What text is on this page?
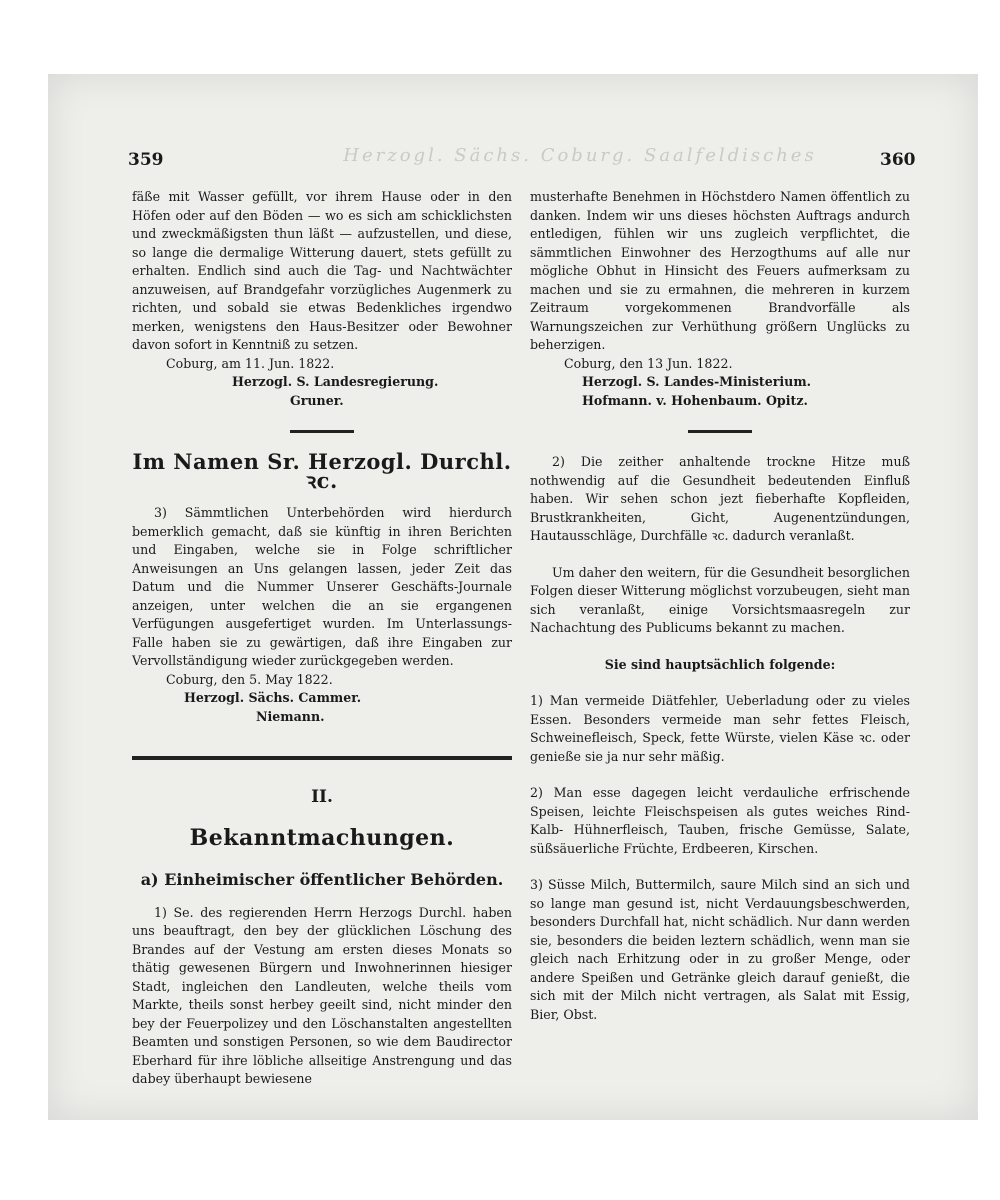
Herzogl. Sächs. Coburg. Saalfeldisches
359	360

fäße mit Wasser gefüllt, vor ihrem Hause oder in den Höfen oder auf den Böden — wo es sich am schicklichsten und zweckmäßigsten thun läßt — aufzustellen, und diese, so lange die dermalige Witterung dauert, stets gefüllt zu erhalten. Endlich sind auch die Tag- und Nachtwächter anzuweisen, auf Brandgefahr vorzügliches Augenmerk zu richten, und sobald sie etwas Bedenkliches irgendwo merken, wenigstens den Haus-Besitzer oder Bewohner davon sofort in Kenntniß zu setzen.

Coburg, am 11. Jun. 1822.

Herzogl. S. Landesregierung.

Gruner.

Im Namen Sr. Herzogl. Durchl. ꝛc.

3) Sämmtlichen Unterbehörden wird hierdurch bemerklich gemacht, daß sie künftig in ihren Berichten und Eingaben, welche sie in Folge schriftlicher Anweisungen an Uns gelangen lassen, jeder Zeit das Datum und die Nummer Unserer Geschäfts-Journale anzeigen, unter welchen die an sie ergangenen Verfügungen ausgefertiget wurden. Im Unterlassungs-Falle haben sie zu gewärtigen, daß ihre Eingaben zur Vervollständigung wieder zurückgegeben werden.

Coburg, den 5. May 1822.

Herzogl. Sächs. Cammer.

Niemann.

II.
Bekanntmachungen.
a) Einheimischer öffentlicher Behörden.

1) Se. des regierenden Herrn Herzogs Durchl. haben uns beauftragt, den bey der glücklichen Löschung des Brandes auf der Vestung am ersten dieses Monats so thätig gewesenen Bürgern und Inwohnerinnen hiesiger Stadt, ingleichen den Landleuten, welche theils vom Markte, theils sonst herbey geeilt sind, nicht minder den bey der Feuerpolizey und den Löschanstalten angestellten Beamten und sonstigen Personen, so wie dem Baudirector Eberhard für ihre löbliche allseitige Anstrengung und das dabey überhaupt bewiesene

musterhafte Benehmen in Höchstdero Namen öffentlich zu danken. Indem wir uns dieses höchsten Auftrags andurch entledigen, fühlen wir uns zugleich verpflichtet, die sämmtlichen Einwohner des Herzogthums auf alle nur mögliche Obhut in Hinsicht des Feuers aufmerksam zu machen und sie zu ermahnen, die mehreren in kurzem Zeitraum vorgekommenen Brandvorfälle als Warnungszeichen zur Verhüthung größern Unglücks zu beherzigen.

Coburg, den 13 Jun. 1822.

Herzogl. S. Landes-Ministerium.

Hofmann. v. Hohenbaum. Opitz.

2) Die zeither anhaltende trockne Hitze muß nothwendig auf die Gesundheit bedeutenden Einfluß haben. Wir sehen schon jezt fieberhafte Kopfleiden, Brustkrankheiten, Gicht, Augenentzündungen, Hautausschläge, Durchfälle ꝛc. dadurch veranlaßt.

Um daher den weitern, für die Gesundheit besorglichen Folgen dieser Witterung möglichst vorzubeugen, sieht man sich veranlaßt, einige Vorsichtsmaasregeln zur Nachachtung des Publicums bekannt zu machen.

Sie sind hauptsächlich folgende:

1) Man vermeide Diätfehler, Ueberladung oder zu vieles Essen. Besonders vermeide man sehr fettes Fleisch, Schweinefleisch, Speck, fette Würste, vielen Käse ꝛc. oder genieße sie ja nur sehr mäßig.

2) Man esse dagegen leicht verdauliche erfrischende Speisen, leichte Fleischspeisen als gutes weiches Rind- Kalb- Hühnerfleisch, Tauben, frische Gemüsse, Salate, süßsäuerliche Früchte, Erdbeeren, Kirschen.

3) Süsse Milch, Buttermilch, saure Milch sind an sich und so lange man gesund ist, nicht Verdauungsbeschwerden, besonders Durchfall hat, nicht schädlich. Nur dann werden sie, besonders die beiden leztern schädlich, wenn man sie gleich nach Erhitzung oder in zu großer Menge, oder andere Speißen und Getränke gleich darauf genießt, die sich mit der Milch nicht vertragen, als Salat mit Essig, Bier, Obst.
